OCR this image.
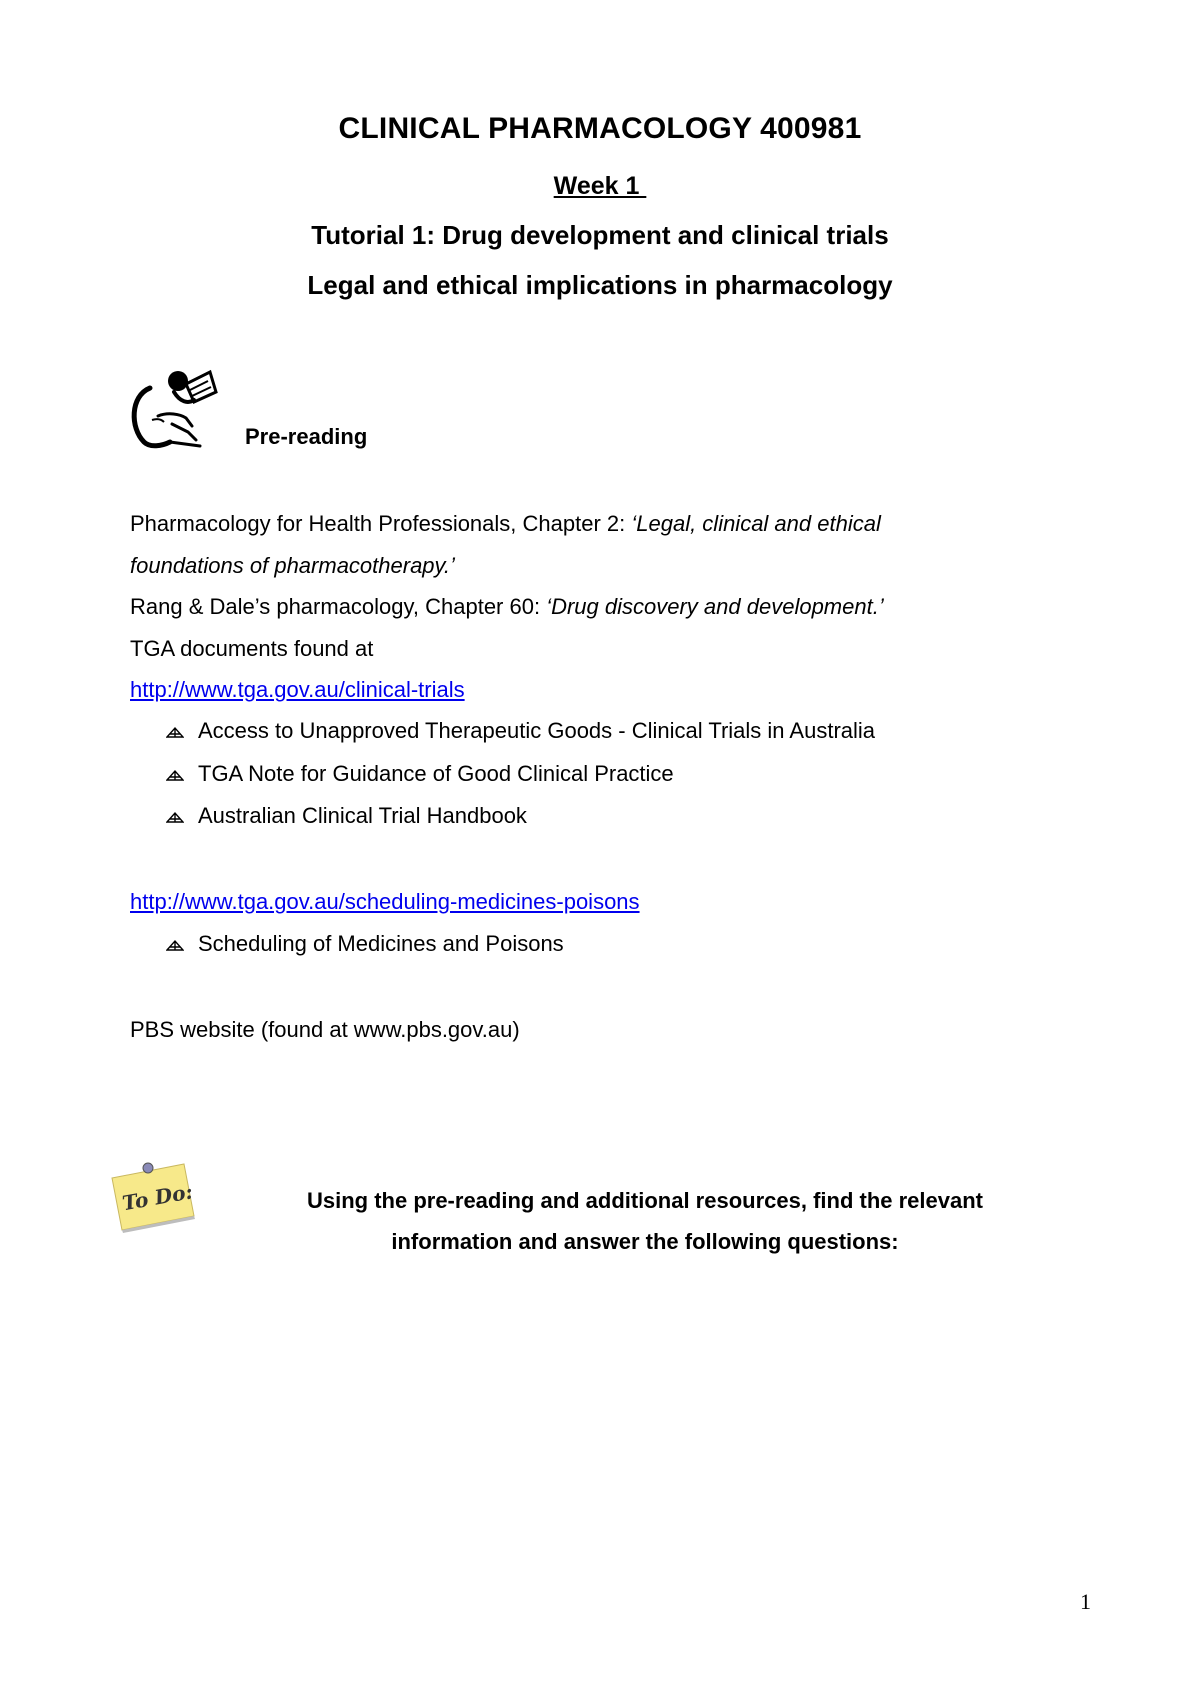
CLINICAL PHARMACOLOGY 400981
Week 1
Tutorial 1: Drug development and clinical trials
Legal and ethical implications in pharmacology
Pre-reading
Pharmacology for Health Professionals, Chapter 2: ‘Legal, clinical and ethical
foundations of pharmacotherapy.’
Rang & Dale’s pharmacology, Chapter 60: ‘Drug discovery and development.’
TGA documents found at
http://www.tga.gov.au/clinical-trials
Access to Unapproved Therapeutic Goods - Clinical Trials in Australia
TGA Note for Guidance of Good Clinical Practice
Australian Clinical Trial Handbook
http://www.tga.gov.au/scheduling-medicines-poisons
Scheduling of Medicines and Poisons
PBS website (found at www.pbs.gov.au)
To Do:	Using the pre-reading and additional resources, find the relevant
information and answer the following questions:
1
